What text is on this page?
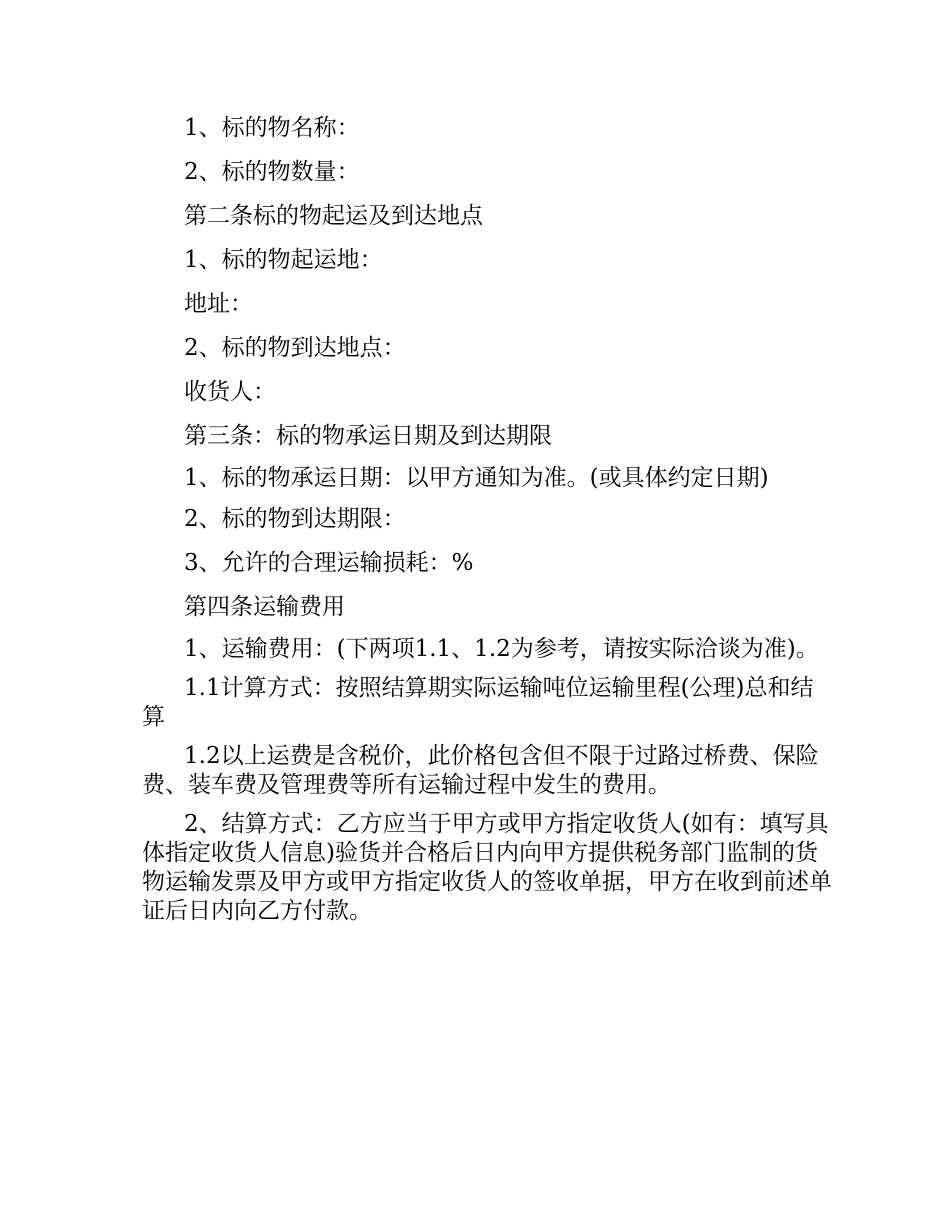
1、标的物名称：

2、标的物数量：

第二条标的物起运及到达地点

1、标的物起运地：

地址：

2、标的物到达地点：

收货人：

第三条：标的物承运日期及到达期限

1、标的物承运日期：以甲方通知为准。(或具体约定日期)

2、标的物到达期限：

3、允许的合理运输损耗：%

第四条运输费用

1、运输费用：(下两项1.1、1.2为参考，请按实际洽谈为准)。

1.1计算方式：按照结算期实际运输吨位运输里程(公理)总和结算

1.2以上运费是含税价，此价格包含但不限于过路过桥费、保险费、装车费及管理费等所有运输过程中发生的费用。

2、结算方式：乙方应当于甲方或甲方指定收货人(如有：填写具体指定收货人信息)验货并合格后日内向甲方提供税务部门监制的货物运输发票及甲方或甲方指定收货人的签收单据，甲方在收到前述单证后日内向乙方付款。
